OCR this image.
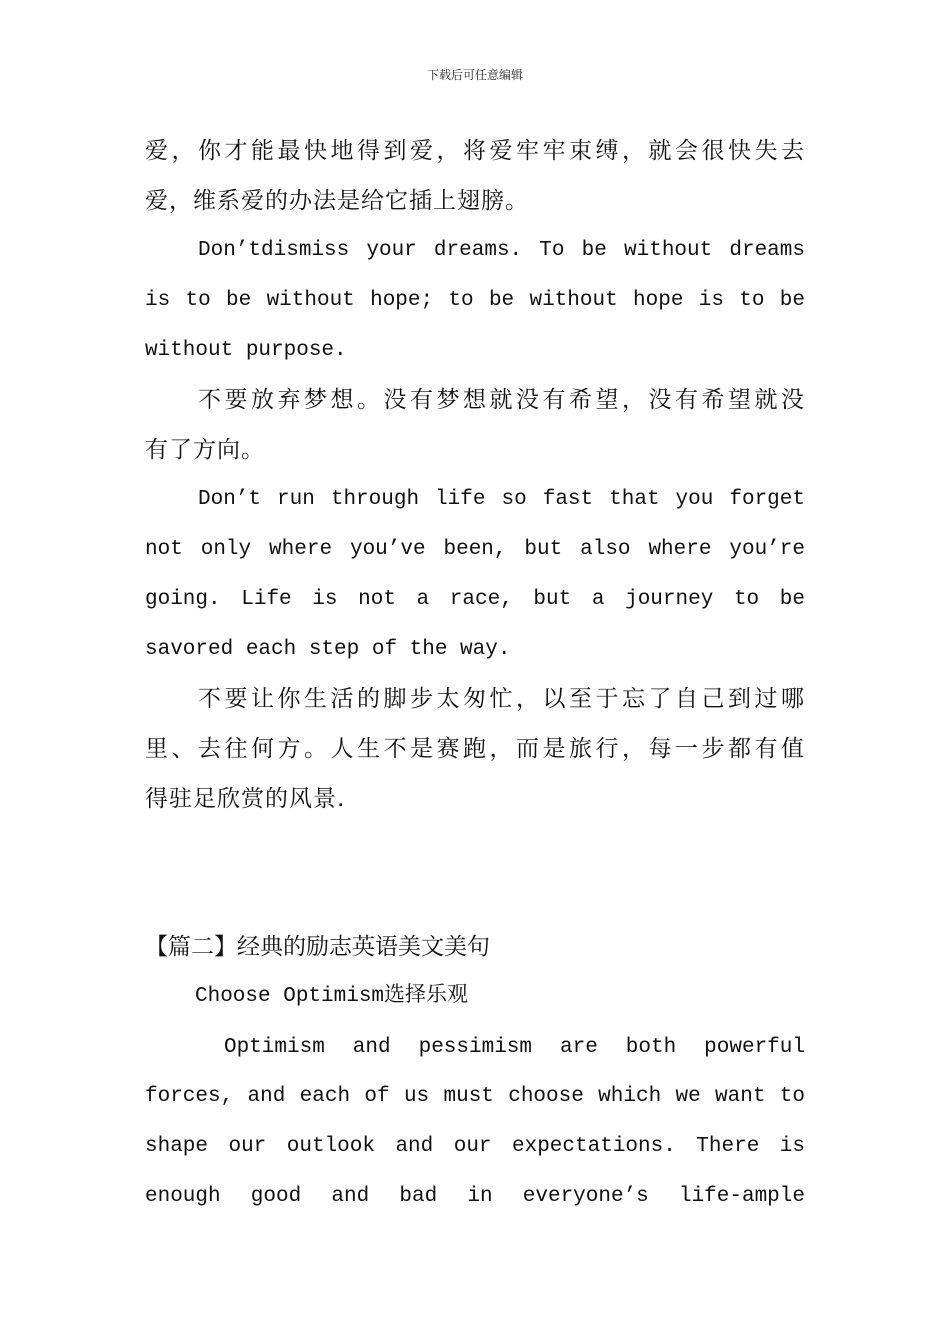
下载后可任意编辑
爱，你才能最快地得到爱，将爱牢牢束缚，就会很快失去
爱，维系爱的办法是给它插上翅膀。
Don’tdismiss your dreams. To be without dreams
is to be without hope; to be without hope is to be
without purpose.
不要放弃梦想。没有梦想就没有希望，没有希望就没
有了方向。
Don’t run through life so fast that you forget
not only where you’ve been, but also where you’re
going. Life is not a race, but a journey to be
savored each step of the way.
不要让你生活的脚步太匆忙，以至于忘了自己到过哪
里、去往何方。人生不是赛跑，而是旅行，每一步都有值
得驻足欣赏的风景.
【篇二】经典的励志英语美文美句
Choose Optimism选择乐观
Optimism and pessimism are both powerful
forces, and each of us must choose which we want to
shape our outlook and our expectations. There is
enough good and bad in everyone’s life-ample
